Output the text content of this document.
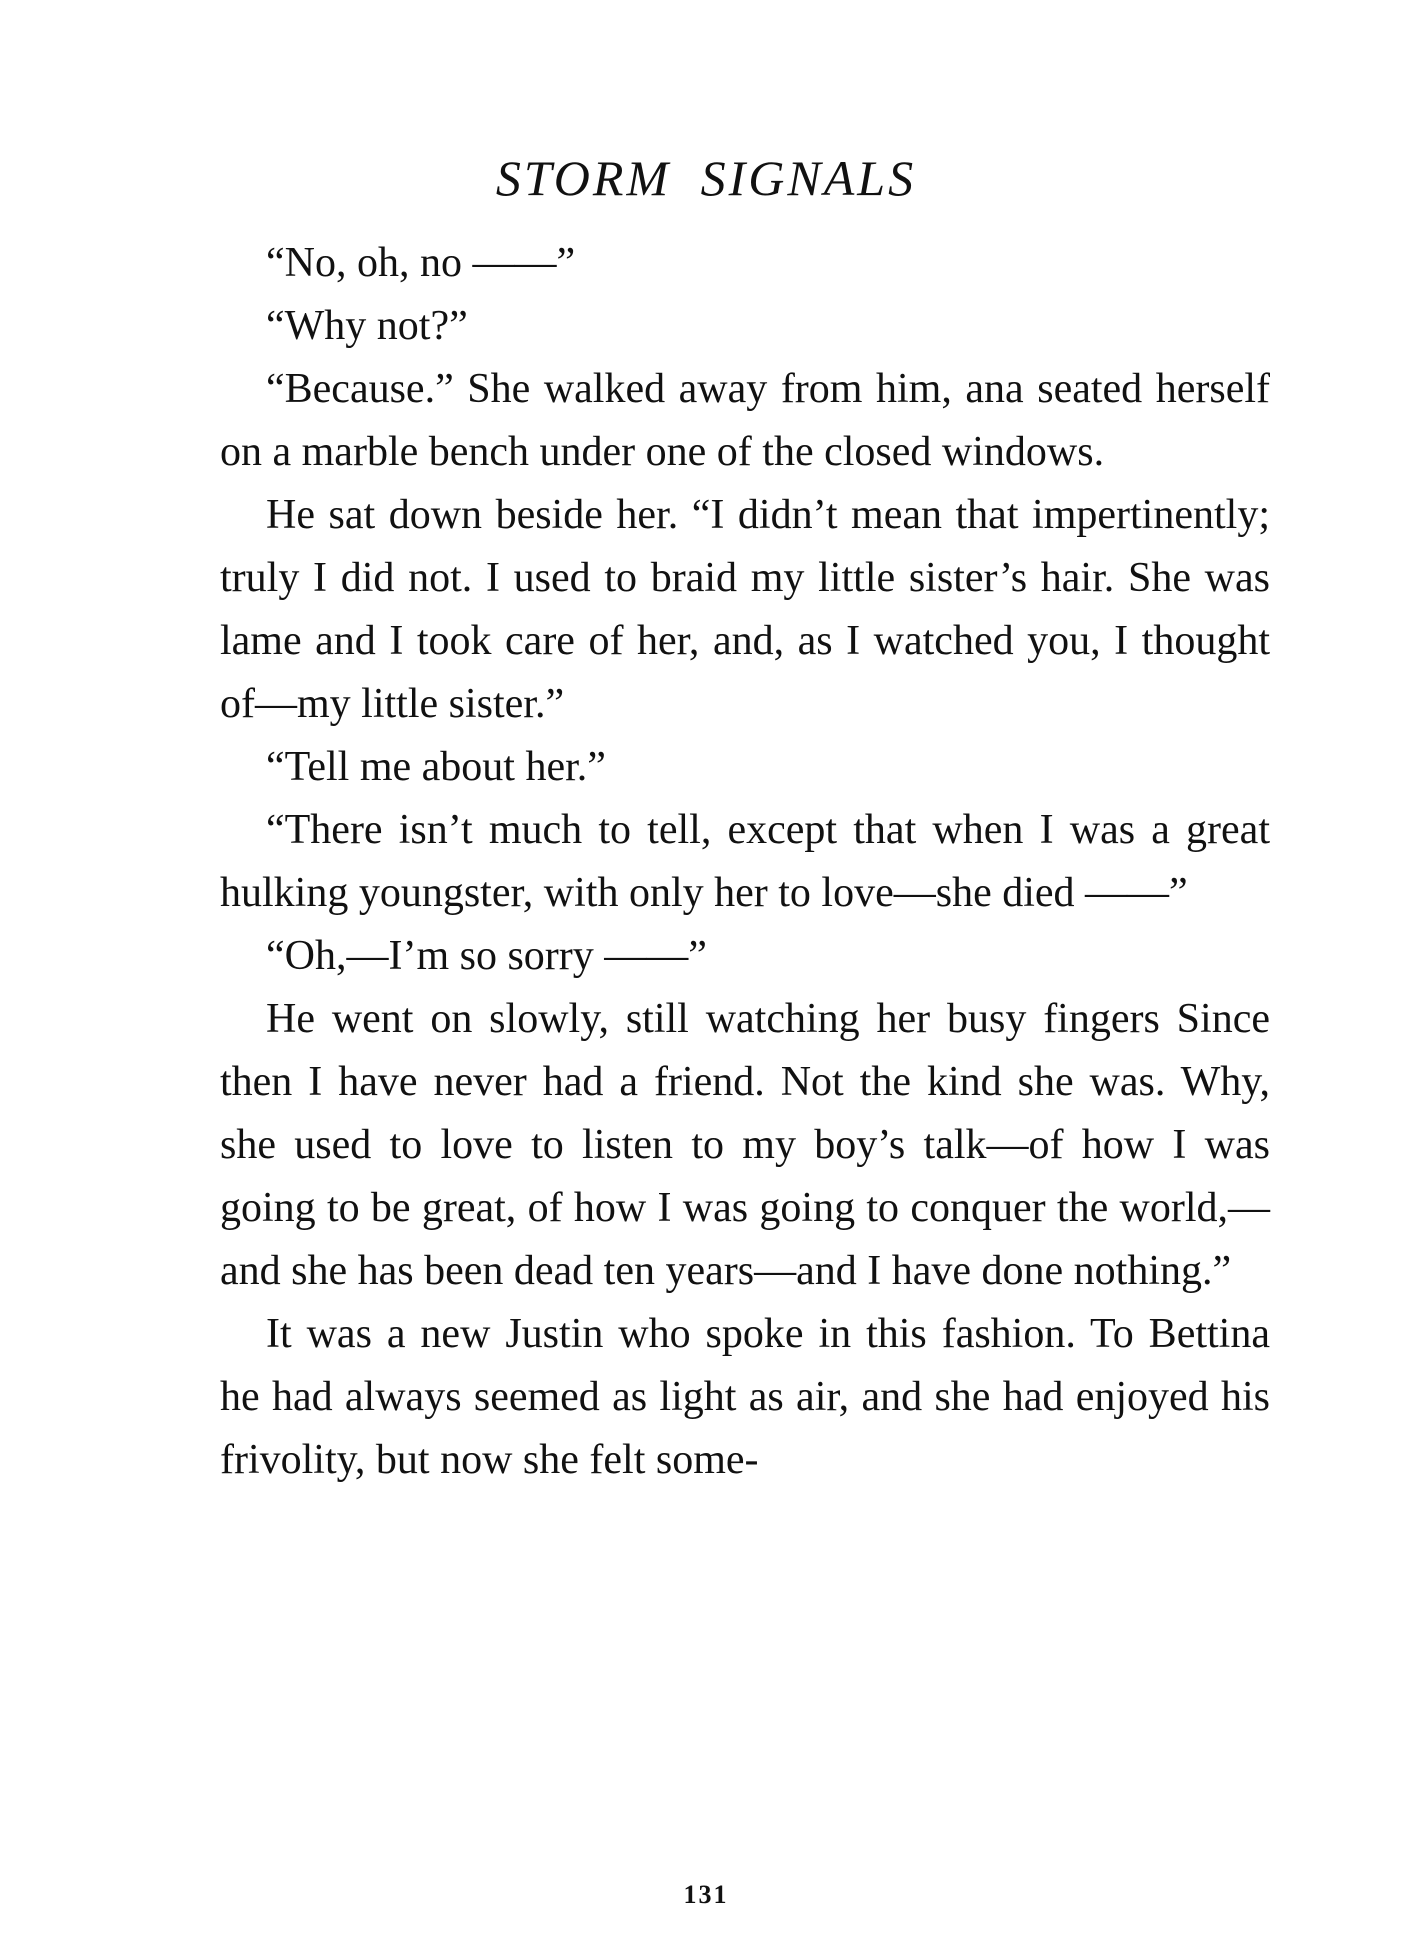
STORM SIGNALS

“No, oh, no ——”

“Why not?”

“Because.” She walked away from him, ana seated herself on a marble bench under one of the closed windows.

He sat down beside her. “I didn’t mean that impertinently; truly I did not. I used to braid my little sister’s hair. She was lame and I took care of her, and, as I watched you, I thought of—my little sister.”

“Tell me about her.”

“There isn’t much to tell, except that when I was a great hulking youngster, with only her to love—she died ——”

“Oh,—I’m so sorry ——”

He went on slowly, still watching her busy fingers Since then I have never had a friend. Not the kind she was. Why, she used to love to listen to my boy’s talk—of how I was going to be great, of how I was going to conquer the world,—and she has been dead ten years—and I have done nothing.”

It was a new Justin who spoke in this fashion. To Bettina he had always seemed as light as air, and she had enjoyed his frivolity, but now she felt some-

131
